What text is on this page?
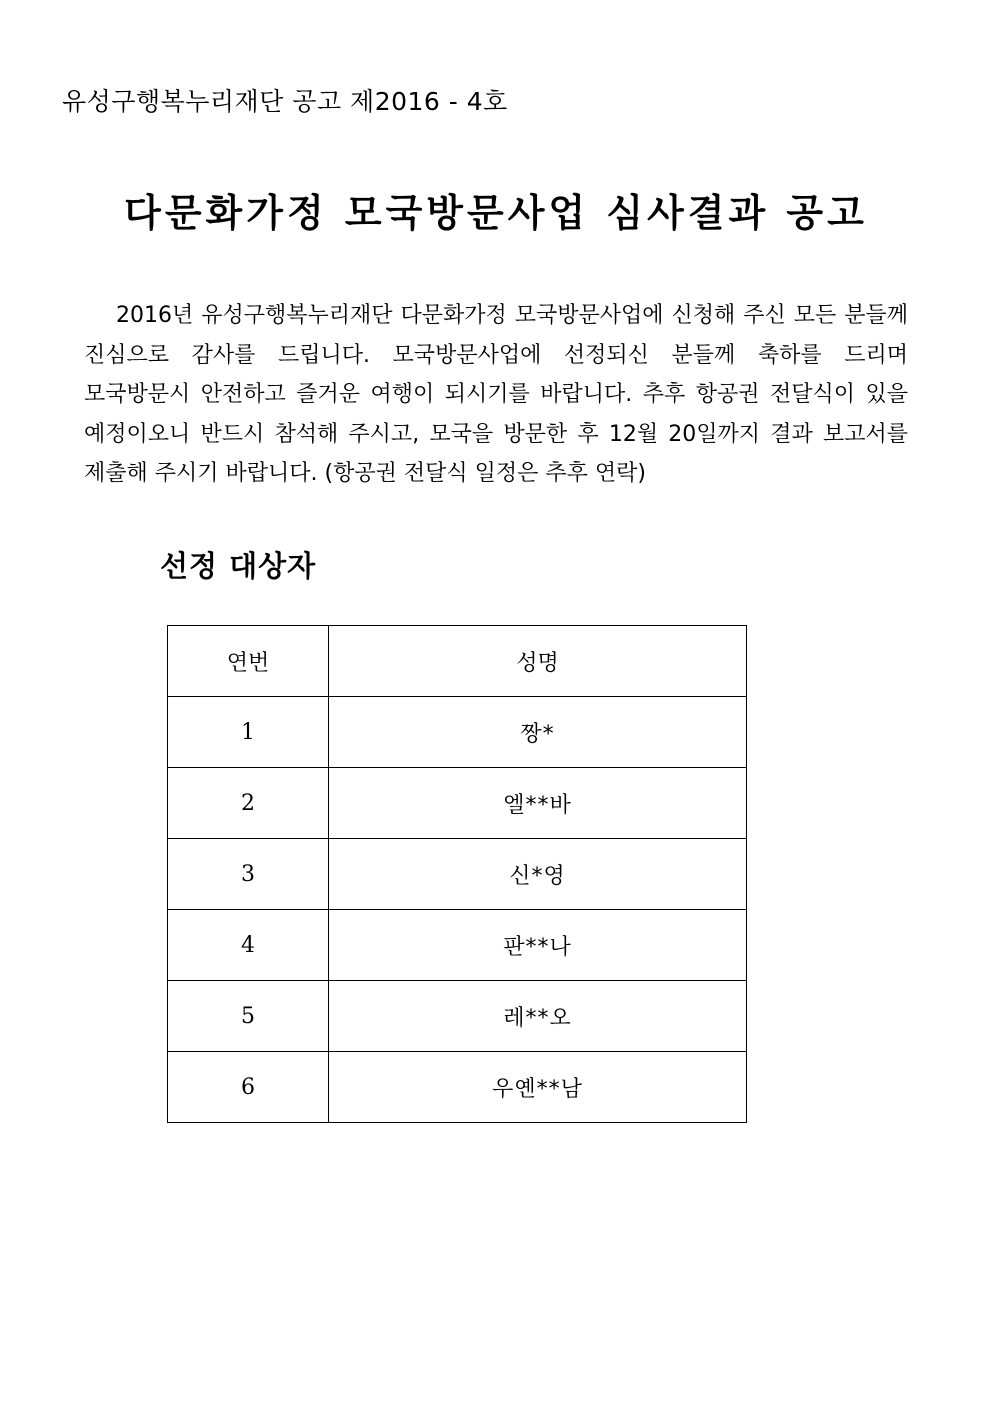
유성구행복누리재단 공고 제2016 - 4호
다문화가정 모국방문사업 심사결과 공고

2016년 유성구행복누리재단 다문화가정 모국방문사업에 신청해 주신 모든 분들께 진심으로 감사를 드립니다. 모국방문사업에 선정되신 분들께 축하를 드리며 모국방문시 안전하고 즐거운 여행이 되시기를 바랍니다. 추후 항공권 전달식이 있을 예정이오니 반드시 참석해 주시고, 모국을 방문한 후 12월 20일까지 결과 보고서를 제출해 주시기 바랍니다. (항공권 전달식 일정은 추후 연락)

선정 대상자
연번	성명
1	짱*
2	엘**바
3	신*영
4	판**나
5	레**오
6	우옌**남
